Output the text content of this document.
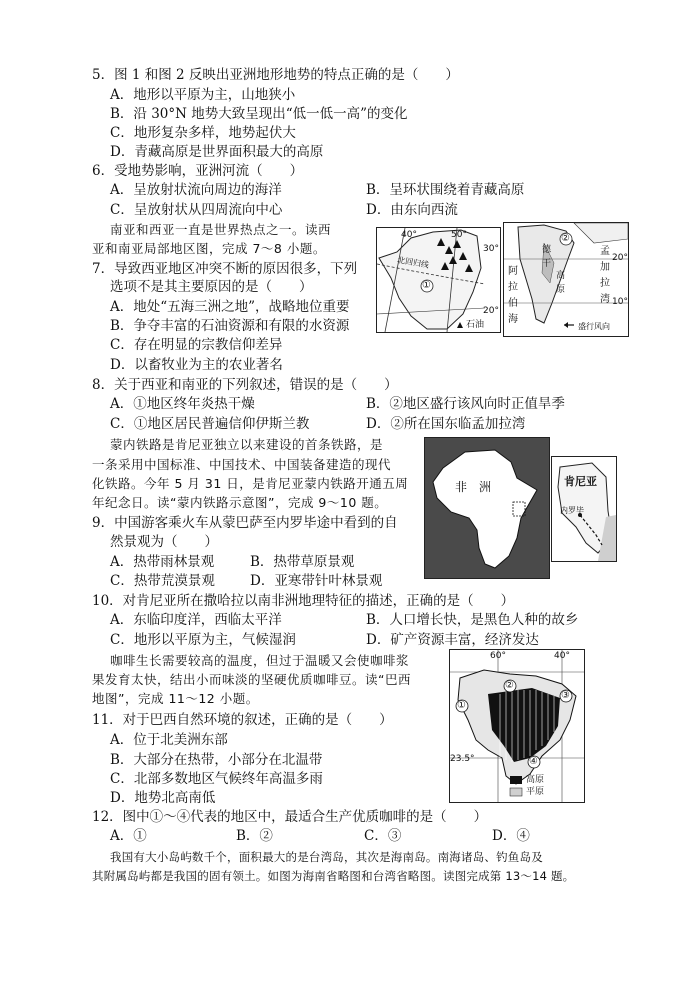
5．图 1 和图 2 反映出亚洲地形地势的特点正确的是（　　）
A．地形以平原为主，山地狭小
B．沿 30°N 地势大致呈现出“低一低一高”的变化
C．地形复杂多样，地势起伏大
D．青藏高原是世界面积最大的高原
6．受地势影响，亚洲河流（　　）
A．呈放射状流向周边的海洋	B．呈环状围绕着青藏高原
C．呈放射状从四周流向中心	D．由东向西流
南亚和西亚一直是世界热点之一。读西
亚和南亚局部地区图，完成 7～8 小题。
7．导致西亚地区冲突不断的原因很多，下列
选项不是其主要原因的是（　　）
A．地处“五海三洲之地”，战略地位重要
B．争夺丰富的石油资源和有限的水资源
C．存在明显的宗教信仰差异
D．以畜牧业为主的农业著名
40°	50°
30°
20°
北回归线
①
石油
②
20°
10°
阿
拉
伯
海
孟
加
拉
湾
德
干
高
原
盛行风向
8．关于西亚和南亚的下列叙述，错误的是（　　）
A．①地区终年炎热干燥	B．②地区盛行该风向时正值旱季
C．①地区居民普遍信仰伊斯兰教	D．②所在国东临孟加拉湾
蒙内铁路是肯尼亚独立以来建设的首条铁路，是
一条采用中国标准、中国技术、中国装备建造的现代
化铁路。今年 5 月 31 日，是肯尼亚蒙内铁路开通五周
年纪念日。读“蒙内铁路示意图”，完成 9～10 题。
9．中国游客乘火车从蒙巴萨至内罗毕途中看到的自
然景观为（　　）
A．热带雨林景观	B．热带草原景观
C．热带荒漠景观	D．亚寒带针叶林景观
非　洲	肯尼亚
内罗毕
10．对肯尼亚所在撒哈拉以南非洲地理特征的描述，正确的是（　　）
A．东临印度洋，西临太平洋	B．人口增长快，是黑色人种的故乡
C．地形以平原为主，气候湿润	D．矿产资源丰富，经济发达
咖啡生长需要较高的温度，但过于温暖又会使咖啡浆
果发育太快，结出小而味淡的坚硬优质咖啡豆。读“巴西
地图”，完成 11～12 小题。
11．对于巴西自然环境的叙述，正确的是（　　）
A．位于北美洲东部
B．大部分在热带，小部分在北温带
C．北部多数地区气候终年高温多雨
D．地势北高南低
60°	40°
23.5°
①
②
③
④
高原
平原
12．图中①～④代表的地区中，最适合生产优质咖啡的是（　　）
A．①	B．②	C．③	D．④
我国有大小岛屿数千个，面积最大的是台湾岛，其次是海南岛。南海诸岛、钓鱼岛及
其附属岛屿都是我国的固有领土。如图为海南省略图和台湾省略图。读图完成第 13～14 题。
